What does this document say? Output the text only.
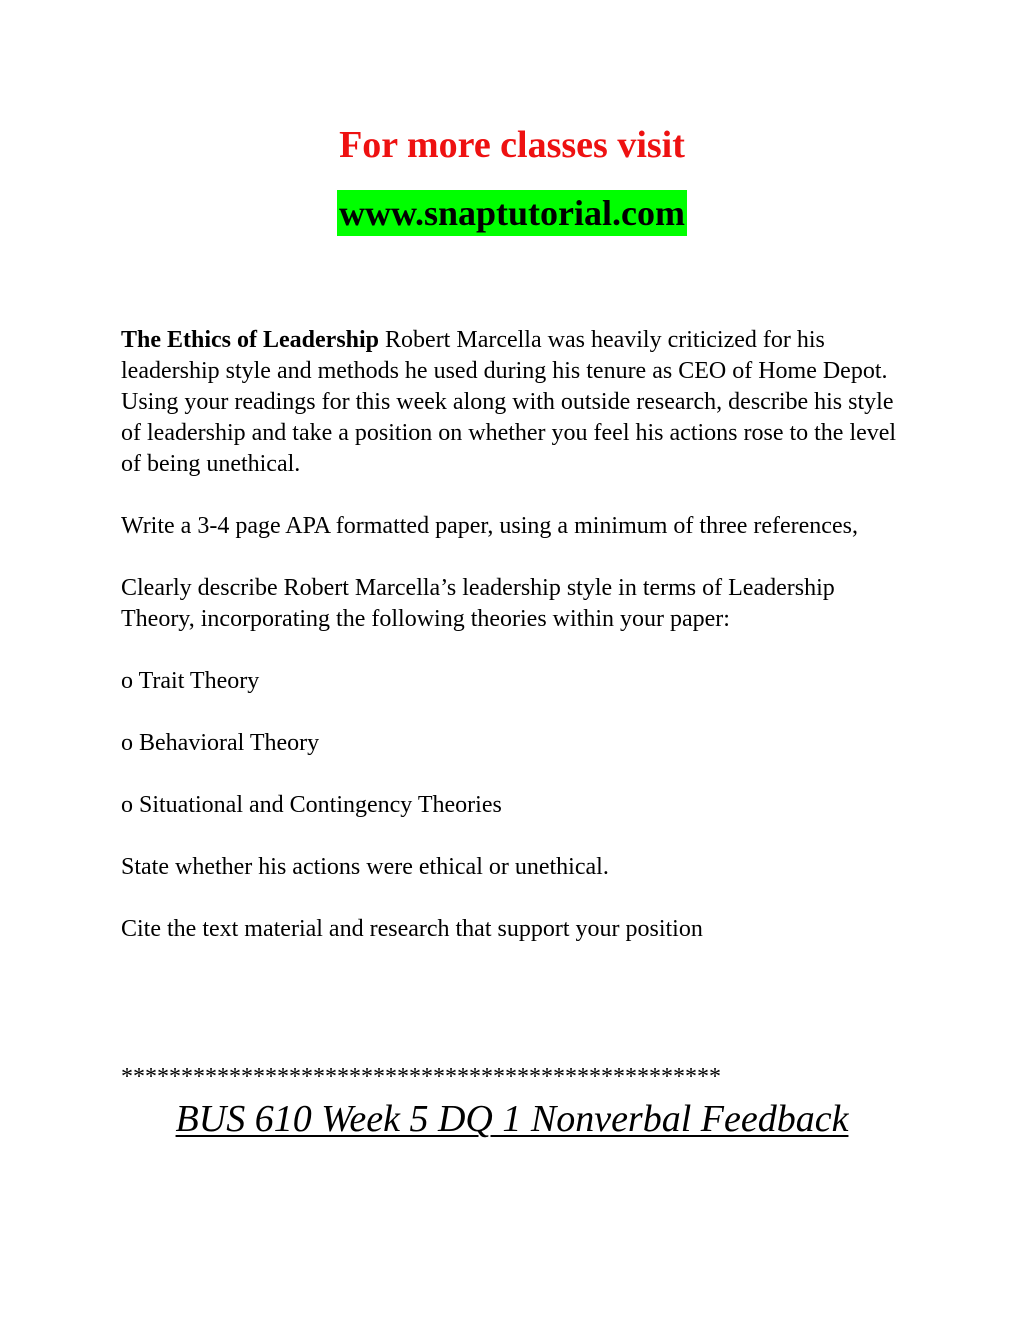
For more classes visit
www.snaptutorial.com

The Ethics of Leadership Robert Marcella was heavily criticized for his leadership style and methods he used during his tenure as CEO of Home Depot. Using your readings for this week along with outside research, describe his style of leadership and take a position on whether you feel his actions rose to the level of being unethical.

Write a 3-4 page APA formatted paper, using a minimum of three references,

Clearly describe Robert Marcella’s leadership style in terms of Leadership Theory, incorporating the following theories within your paper:

o Trait Theory

o Behavioral Theory

o Situational and Contingency Theories

State whether his actions were ethical or unethical.

Cite the text material and research that support your position

**************************************************
BUS 610 Week 5 DQ 1 Nonverbal Feedback
